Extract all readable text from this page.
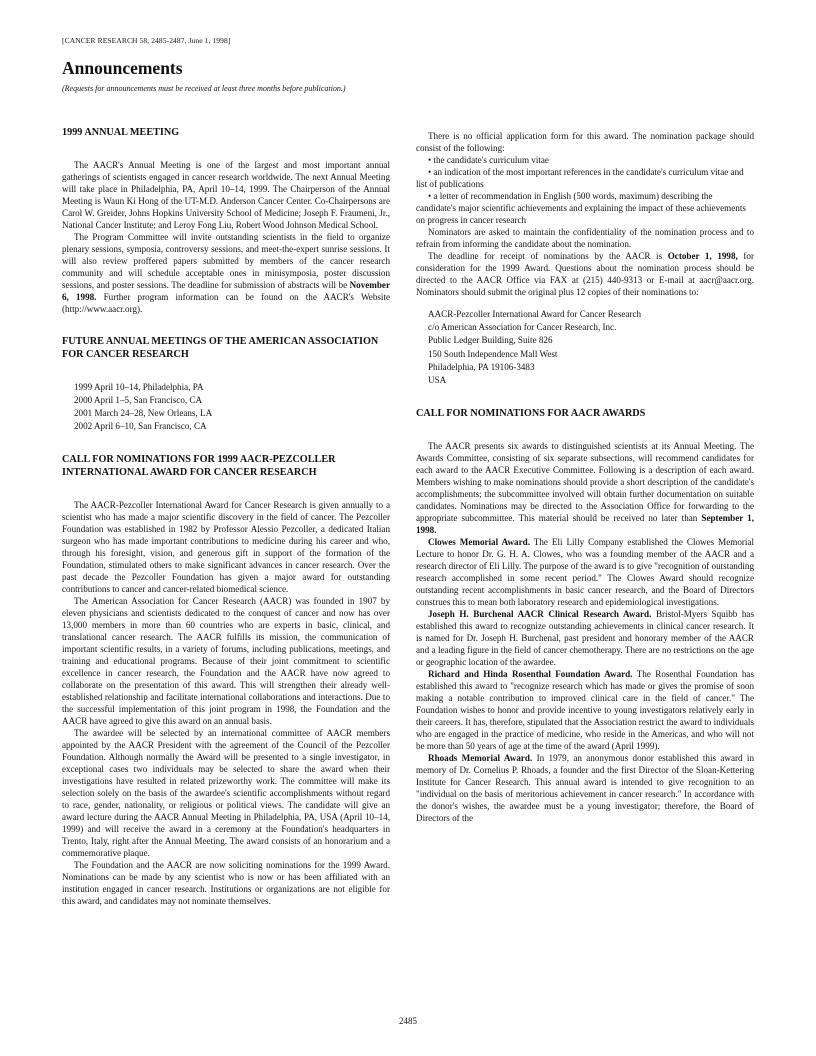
[CANCER RESEARCH 58, 2485-2487, June 1, 1998]
Announcements
(Requests for announcements must be received at least three months before publication.)
1999 ANNUAL MEETING

The AACR's Annual Meeting is one of the largest and most important annual gatherings of scientists engaged in cancer research worldwide. The next Annual Meeting will take place in Philadelphia, PA, April 10–14, 1999. The Chairperson of the Annual Meeting is Waun Ki Hong of the UT-M.D. Anderson Cancer Center. Co-Chairpersons are Carol W. Greider, Johns Hopkins University School of Medicine; Joseph F. Fraumeni, Jr., National Cancer Institute; and Leroy Fong Liu, Robert Wood Johnson Medical School.

The Program Committee will invite outstanding scientists in the field to organize plenary sessions, symposia, controversy sessions, and meet-the-expert sunrise sessions. It will also review proffered papers submitted by members of the cancer research community and will schedule acceptable ones in minisymposia, poster discussion sessions, and poster sessions. The deadline for submission of abstracts will be November 6, 1998. Further program information can be found on the AACR's Website (http://www.aacr.org).

FUTURE ANNUAL MEETINGS OF THE AMERICAN ASSOCIATION FOR CANCER RESEARCH
1999 April 10–14, Philadelphia, PA
2000 April 1–5, San Francisco, CA
2001 March 24–28, New Orleans, LA
2002 April 6–10, San Francisco, CA
CALL FOR NOMINATIONS FOR 1999 AACR-PEZCOLLER INTERNATIONAL AWARD FOR CANCER RESEARCH

The AACR-Pezcoller International Award for Cancer Research is given annually to a scientist who has made a major scientific discovery in the field of cancer. The Pezcoller Foundation was established in 1982 by Professor Alessio Pezcoller, a dedicated Italian surgeon who has made important contributions to medicine during his career and who, through his foresight, vision, and generous gift in support of the formation of the Foundation, stimulated others to make significant advances in cancer research. Over the past decade the Pezcoller Foundation has given a major award for outstanding contributions to cancer and cancer-related biomedical science.

The American Association for Cancer Research (AACR) was founded in 1907 by eleven physicians and scientists dedicated to the conquest of cancer and now has over 13,000 members in more than 60 countries who are experts in basic, clinical, and translational cancer research. The AACR fulfills its mission, the communication of important scientific results, in a variety of forums, including publications, meetings, and training and educational programs. Because of their joint commitment to scientific excellence in cancer research, the Foundation and the AACR have now agreed to collaborate on the presentation of this award. This will strengthen their already well-established relationship and facilitate international collaborations and interactions. Due to the successful implementation of this joint program in 1998, the Foundation and the AACR have agreed to give this award on an annual basis.

The awardee will be selected by an international committee of AACR members appointed by the AACR President with the agreement of the Council of the Pezcoller Foundation. Although normally the Award will be presented to a single investigator, in exceptional cases two individuals may be selected to share the award when their investigations have resulted in related prizeworthy work. The committee will make its selection solely on the basis of the awardee's scientific accomplishments without regard to race, gender, nationality, or religious or political views. The candidate will give an award lecture during the AACR Annual Meeting in Philadelphia, PA, USA (April 10–14, 1999) and will receive the award in a ceremony at the Foundation's headquarters in Trento, Italy, right after the Annual Meeting. The award consists of an honorarium and a commemorative plaque.

The Foundation and the AACR are now soliciting nominations for the 1999 Award. Nominations can be made by any scientist who is now or has been affiliated with an institution engaged in cancer research. Institutions or organizations are not eligible for this award, and candidates may not nominate themselves.

There is no official application form for this award. The nomination package should consist of the following:

• the candidate's curriculum vitae
• an indication of the most important references in the candidate's curriculum vitae and list of publications
• a letter of recommendation in English (500 words, maximum) describing the candidate's major scientific achievements and explaining the impact of these achievements on progress in cancer research

Nominators are asked to maintain the confidentiality of the nomination process and to refrain from informing the candidate about the nomination.

The deadline for receipt of nominations by the AACR is October 1, 1998, for consideration for the 1999 Award. Questions about the nomination process should be directed to the AACR Office via FAX at (215) 440-9313 or E-mail at aacr@aacr.org. Nominators should submit the original plus 12 copies of their nominations to:

AACR-Pezcoller International Award for Cancer Research
c/o American Association for Cancer Research, Inc.
Public Ledger Building, Suite 826
150 South Independence Mall West
Philadelphia, PA 19106-3483
USA
CALL FOR NOMINATIONS FOR AACR AWARDS

The AACR presents six awards to distinguished scientists at its Annual Meeting. The Awards Committee, consisting of six separate subsections, will recommend candidates for each award to the AACR Executive Committee. Following is a description of each award. Members wishing to make nominations should provide a short description of the candidate's accomplishments; the subcommittee involved will obtain further documentation on suitable candidates. Nominations may be directed to the Association Office for forwarding to the appropriate subcommittee. This material should be received no later than September 1, 1998.

Clowes Memorial Award. The Eli Lilly Company established the Clowes Memorial Lecture to honor Dr. G. H. A. Clowes, who was a founding member of the AACR and a research director of Eli Lilly. The purpose of the award is to give "recognition of outstanding research accomplished in some recent period." The Clowes Award should recognize outstanding recent accomplishments in basic cancer research, and the Board of Directors construes this to mean both laboratory research and epidemiological investigations.

Joseph H. Burchenal AACR Clinical Research Award. Bristol-Myers Squibb has established this award to recognize outstanding achievements in clinical cancer research. It is named for Dr. Joseph H. Burchenal, past president and honorary member of the AACR and a leading figure in the field of cancer chemotherapy. There are no restrictions on the age or geographic location of the awardee.

Richard and Hinda Rosenthal Foundation Award. The Rosenthal Foundation has established this award to "recognize research which has made or gives the promise of soon making a notable contribution to improved clinical care in the field of cancer." The Foundation wishes to honor and provide incentive to young investigators relatively early in their careers. It has, therefore, stipulated that the Association restrict the award to individuals who are engaged in the practice of medicine, who reside in the Americas, and who will not be more than 50 years of age at the time of the award (April 1999).

Rhoads Memorial Award. In 1979, an anonymous donor established this award in memory of Dr. Cornelius P. Rhoads, a founder and the first Director of the Sloan-Kettering Institute for Cancer Research. This annual award is intended to give recognition to an "individual on the basis of meritorious achievement in cancer research." In accordance with the donor's wishes, the awardee must be a young investigator; therefore, the Board of Directors of the

2485
